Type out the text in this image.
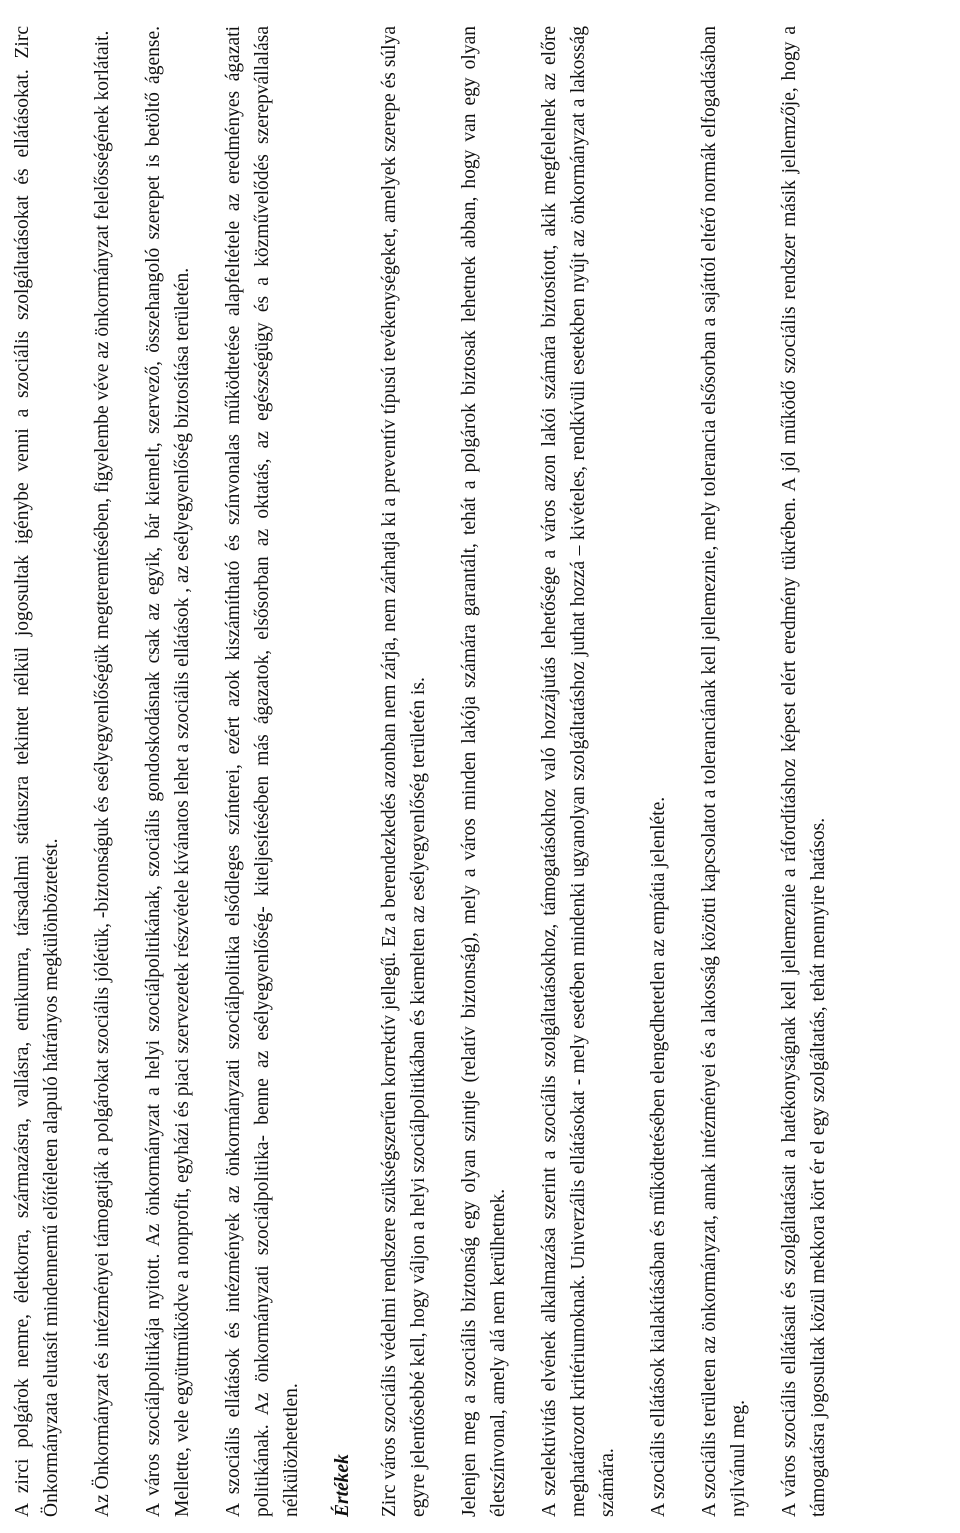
A zirci polgárok nemre, életkorra, származásra, vallásra, etnikumra, társadalmi státuszra tekintet nélkül jogosultak igénybe venni a szociális szolgáltatásokat és ellátásokat. Zirc Önkormányzata elutasít mindennemű előítéleten alapuló hátrányos megkülönböztetést. Az Önkormányzat és intézményei támogatják a polgárokat szociális jólétük, -biztonságuk és esélyegyenlőségük megteremtésében, figyelembe véve az önkormányzat felelősségének korlátait. A város szociálpolitikája nyitott. Az önkormányzat a helyi szociálpolitikának, szociális gondoskodásnak csak az egyik, bár kiemelt, szervező, összehangoló szerepet is betöltő ágense. Mellette, vele együttműködve a nonprofit, egyházi és piaci szervezetek részvétele kívánatos lehet a szociális ellátások , az esélyegyenlőség biztosítása területén. A szociális ellátások és intézmények az önkormányzati szociálpolitika elsődleges színterei, ezért azok kiszámítható és színvonalas működtetése alapfeltétele az eredményes ágazati politikának. Az önkormányzati szociálpolitika- benne az esélyegyenlőség- kiteljesítésében más ágazatok, elsősorban az oktatás, az egészségügy és a közművelődés szerepvállalása nélkülözhetetlen. Értékek Zirc város szociális védelmi rendszere szükségszerűen korrektív jellegű. Ez a berendezkedés azonban nem zárja, nem zárhatja ki a preventív típusú tevékenységeket, amelyek szerepe és súlya egyre jelentősebbé kell, hogy váljon a helyi szociálpolitikában és kiemelten az esélyegyenlőség területén is. Jelenjen meg a szociális biztonság egy olyan szintje (relatív biztonság), mely a város minden lakója számára garantált, tehát a polgárok biztosak lehetnek abban, hogy van egy olyan életszínvonal, amely alá nem kerülhetnek. A szelektivitás elvének alkalmazása szerint a szociális szolgáltatásokhoz, támogatásokhoz való hozzájutás lehetősége a város azon lakói számára biztosított, akik megfelelnek az előre meghatározott kritériumoknak. Univerzális ellátásokat - mely esetében mindenki ugyanolyan szolgáltatáshoz juthat hozzá – kivételes, rendkívüli esetekben nyújt az önkormányzat a lakosság számára. A szociális ellátások kialakításában és működtetésében elengedhetetlen az empátia jelenléte. A szociális területen az önkormányzat, annak intézményei és a lakosság közötti kapcsolatot a toleranciának kell jellemeznie, mely tolerancia elsősorban a sajáttól eltérő normák elfogadásában nyilvánul meg. A város szociális ellátásait és szolgáltatásait a hatékonyságnak kell jellemeznie a ráfordításhoz képest elért eredmény tükrében. A jól működő szociális rendszer másik jellemzője, hogy a támogatásra jogosultak közül mekkora kört ér el egy szolgáltatás, tehát mennyire hatásos.
